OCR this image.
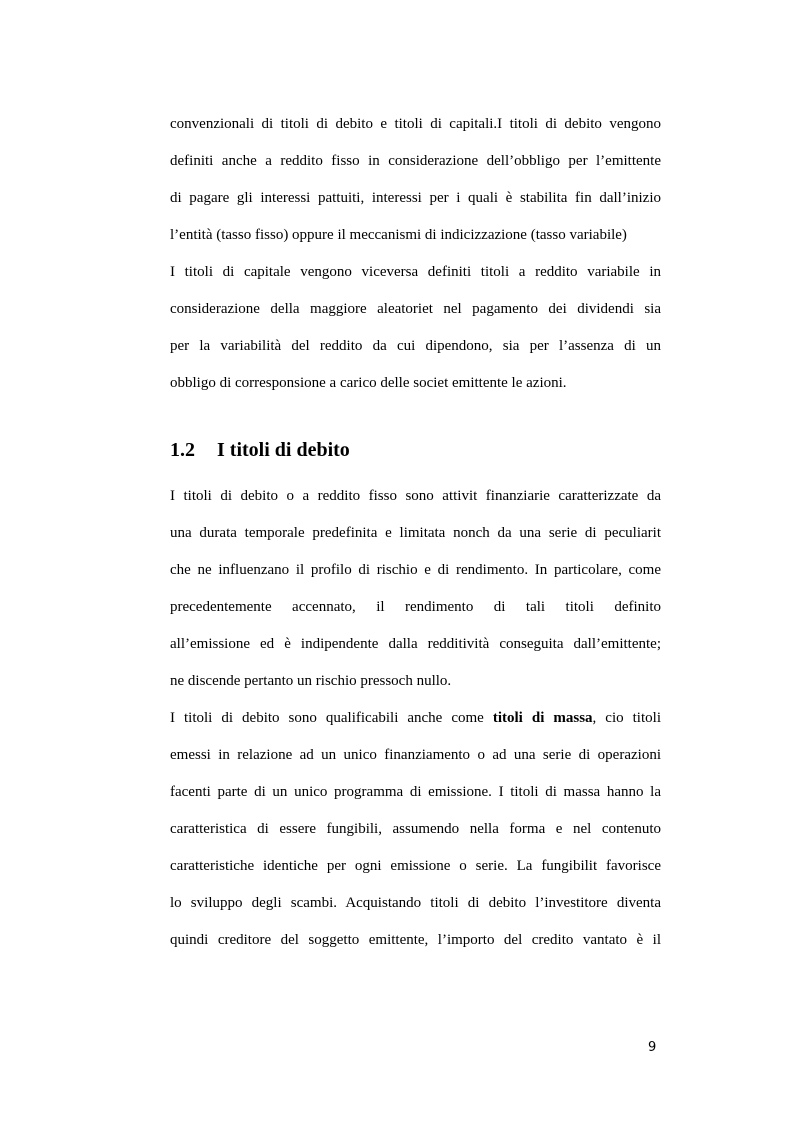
convenzionali di titoli di debito e titoli di capitali.I titoli di debito vengono
definiti anche a reddito fisso in considerazione dell’obbligo per l’emittente
di pagare gli interessi pattuiti, interessi per i quali è stabilita fin dall’inizio
l’entità (tasso fisso) oppure il meccanismi di indicizzazione (tasso variabile)
I titoli di capitale vengono viceversa definiti titoli a reddito variabile in
considerazione della maggiore aleatoriet nel pagamento dei dividendi sia
per la variabilità del reddito da cui dipendono, sia per l’assenza di un
obbligo di corresponsione a carico delle societ emittente le azioni.
1.2	I titoli di debito
I titoli di debito o a reddito fisso sono attivit finanziarie caratterizzate da
una durata temporale predefinita e limitata nonch da una serie di peculiarit
che ne influenzano il profilo di rischio e di rendimento. In particolare, come
precedentemente accennato, il rendimento di tali titoli definito
all’emissione ed è indipendente dalla redditività conseguita dall’emittente;
ne discende pertanto un rischio pressoch nullo.
I titoli di debito sono qualificabili anche come titoli di massa, cio titoli
emessi in relazione ad un unico finanziamento o ad una serie di operazioni
facenti parte di un unico programma di emissione. I titoli di massa hanno la
caratteristica di essere fungibili, assumendo nella forma e nel contenuto
caratteristiche identiche per ogni emissione o serie. La fungibilit favorisce
lo sviluppo degli scambi. Acquistando titoli di debito l’investitore diventa
quindi creditore del soggetto emittente, l’importo del credito vantato è il
9
